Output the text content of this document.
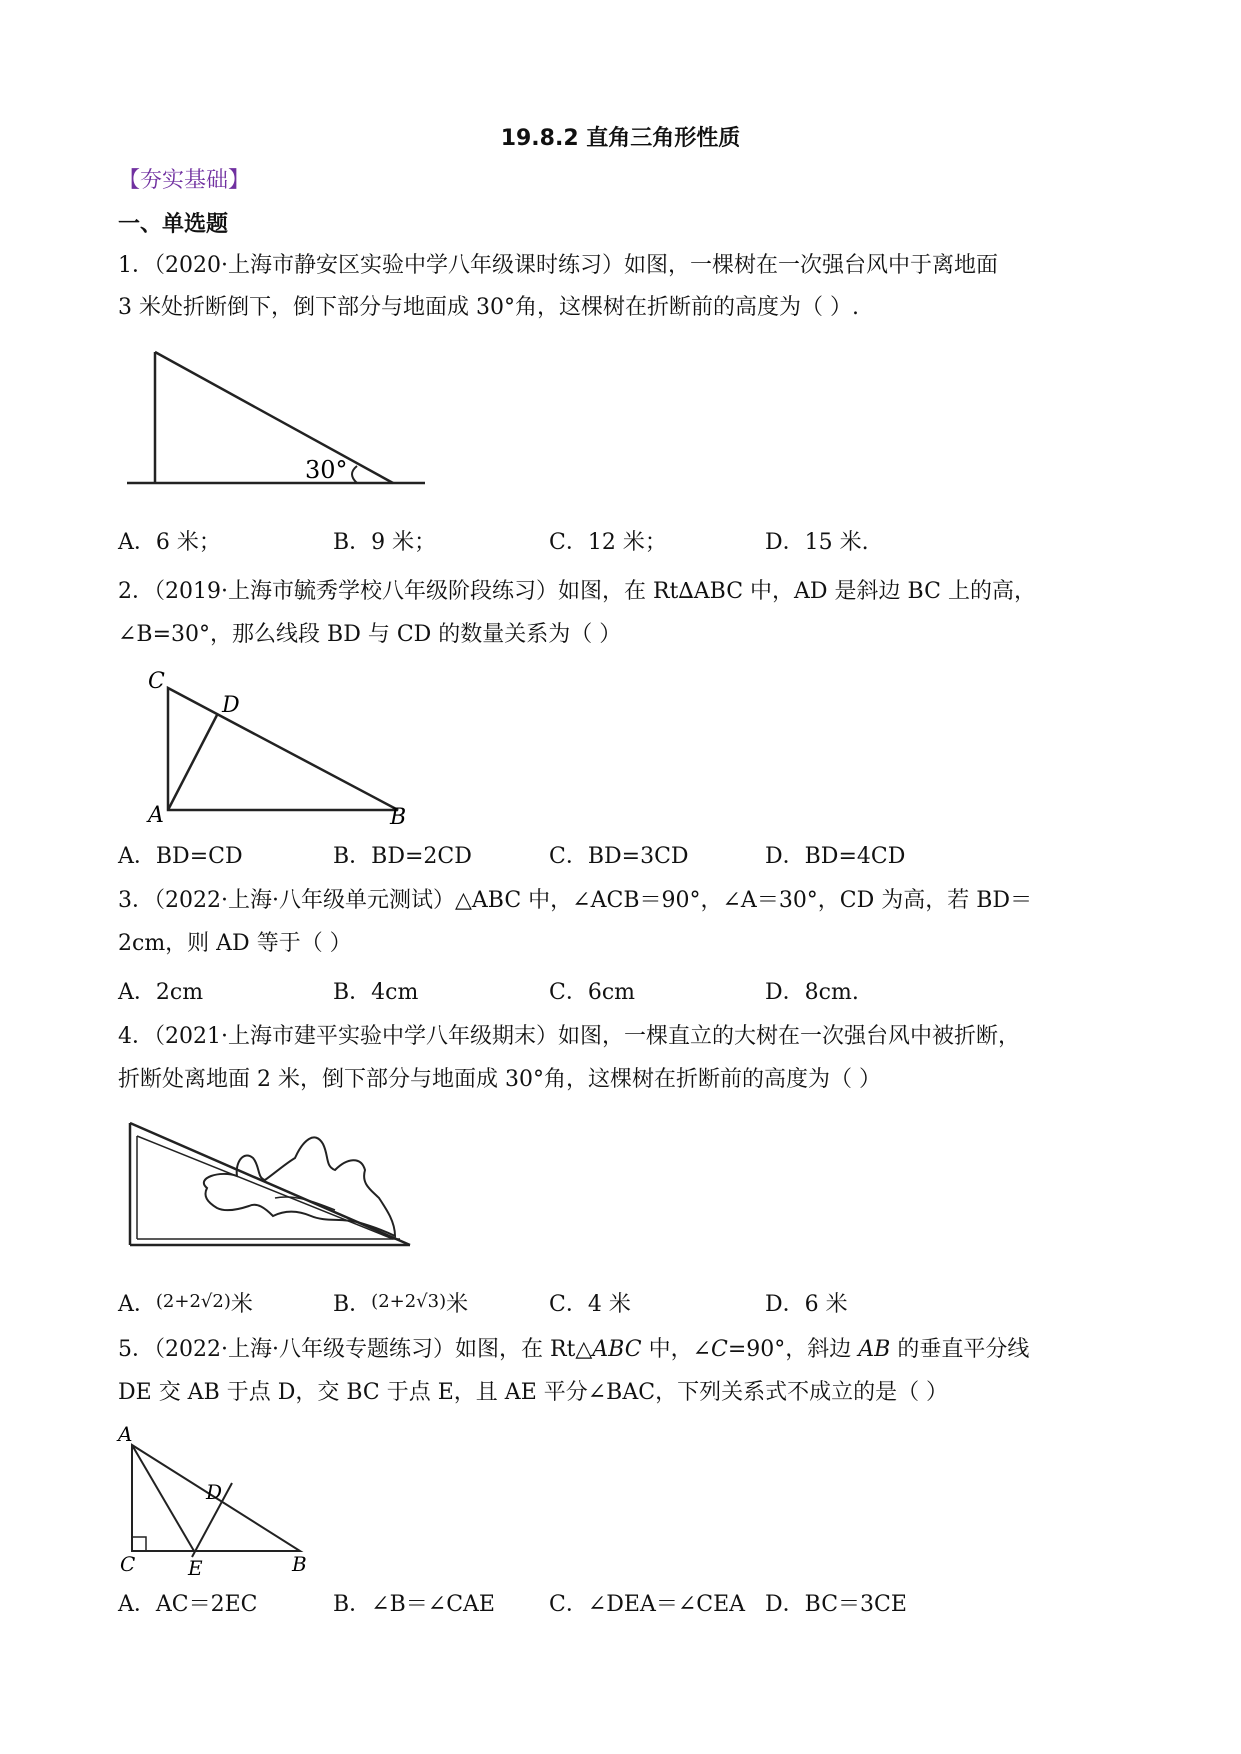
19.8.2 直角三角形性质
【夯实基础】
一、单选题
1．（2020·上海市静安区实验中学八年级课时练习）如图，一棵树在一次强台风中于离地面
3 米处折断倒下，倒下部分与地面成 30°角，这棵树在折断前的高度为（ ）.
30°
A．6 米；	B．9 米；	C．12 米；	D．15 米.
2．（2019·上海市毓秀学校八年级阶段练习）如图，在 Rt∆ABC 中，AD 是斜边 BC 上的高，
∠B=30°，那么线段 BD 与 CD 的数量关系为（ ）
C
D
A	B
A．BD=CD	B．BD=2CD	C．BD=3CD	D．BD=4CD
3．（2022·上海·八年级单元测试）△ABC 中，∠ACB＝90°，∠A＝30°，CD 为高，若 BD＝
2cm，则 AD 等于（ ）
A．2cm	B．4cm	C．6cm	D．8cm.
4．（2021·上海市建平实验中学八年级期末）如图，一棵直立的大树在一次强台风中被折断，
折断处离地面 2 米，倒下部分与地面成 30°角，这棵树在折断前的高度为（ ）
A．(2+2√2)米	B．(2+2√3)米	C．4 米	D．6 米
5．（2022·上海·八年级专题练习）如图，在 Rt△ABC 中，∠C=90°，斜边 AB 的垂直平分线
DE 交 AB 于点 D，交 BC 于点 E，且 AE 平分∠BAC，下列关系式不成立的是（ ）
A
D
C	E	B
A．AC＝2EC	B．∠B＝∠CAE C．∠DEA＝∠CEA D．BC＝3CE
